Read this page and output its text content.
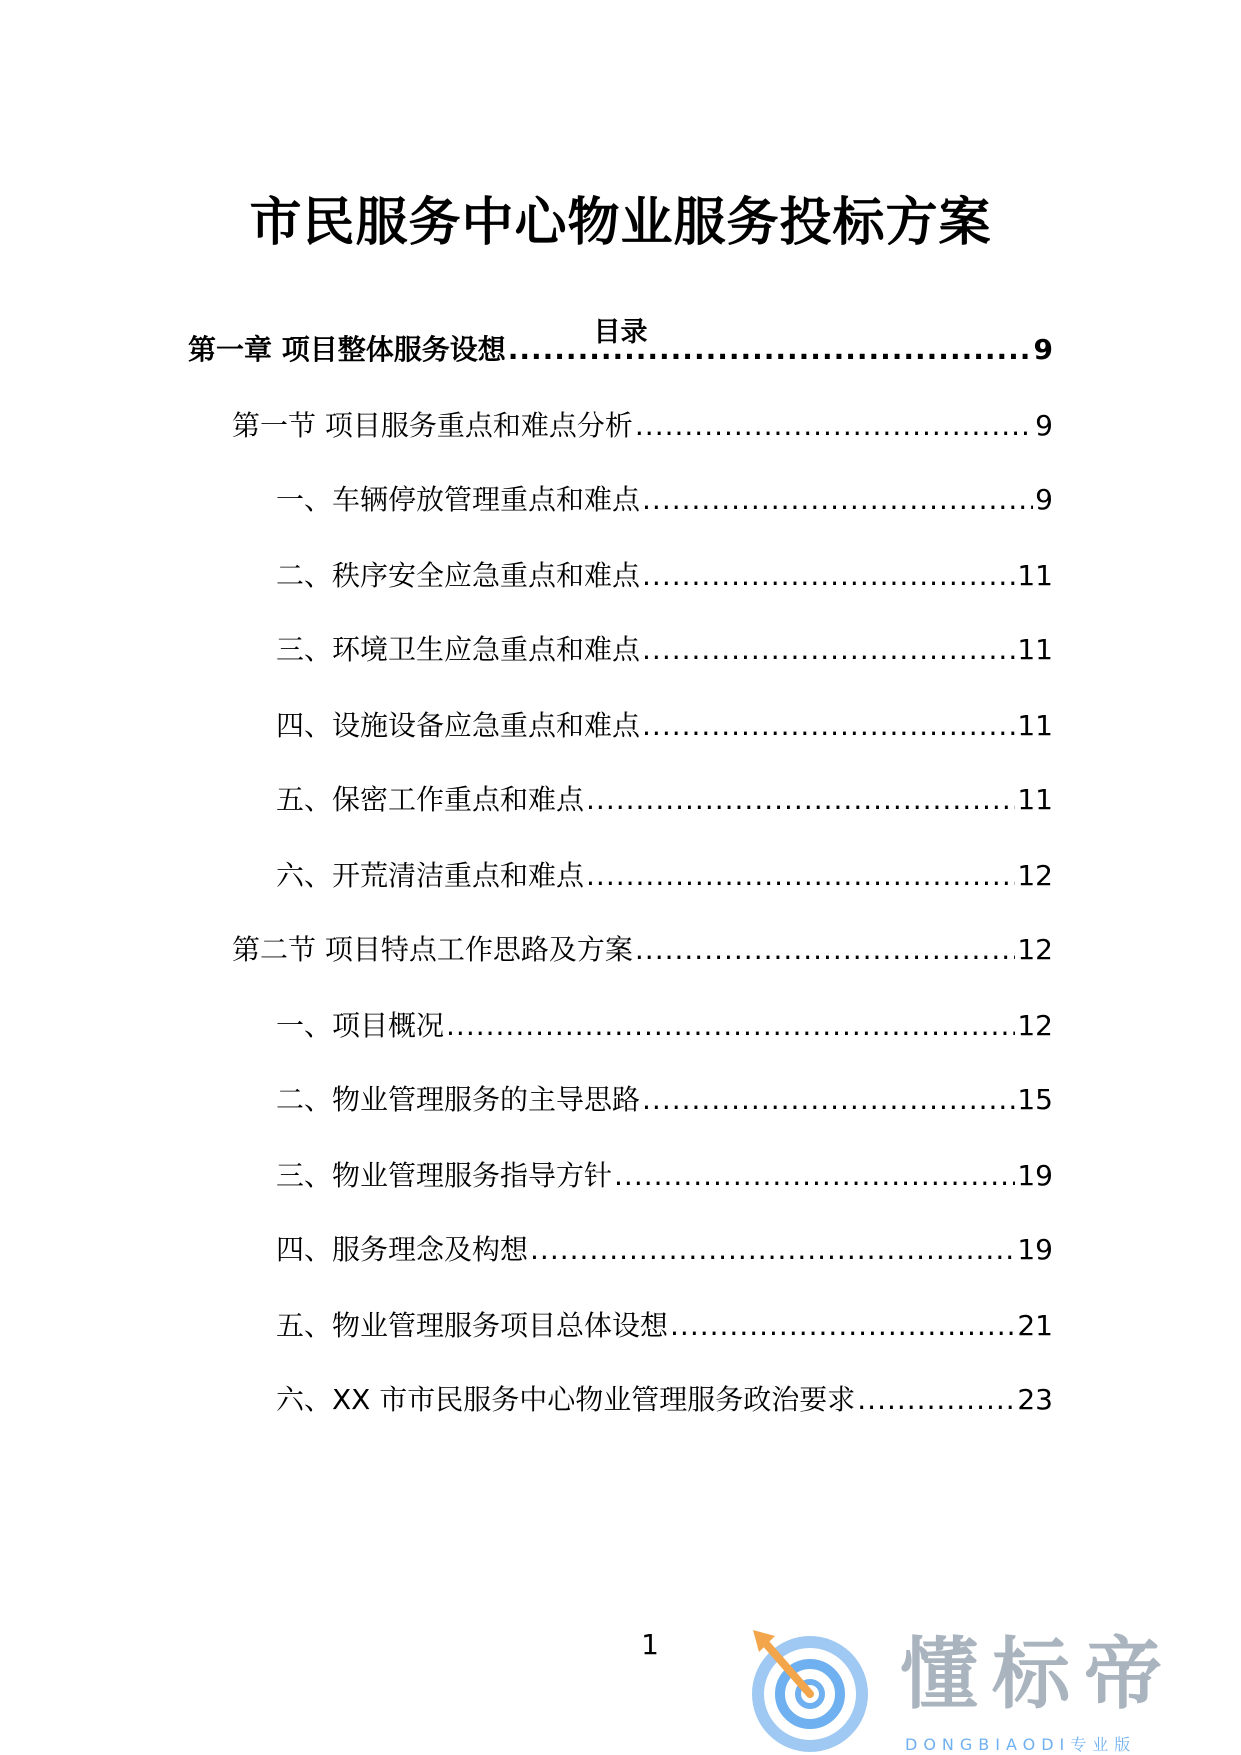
市民服务中心物业服务投标方案
目录
第一章 项目整体服务设想 .....	9
第一节 项目服务重点和难点分析 .....	9
一、车辆停放管理重点和难点 .....	9
二、秩序安全应急重点和难点 .....	11
三、环境卫生应急重点和难点 .....	11
四、设施设备应急重点和难点 .....	11
五、保密工作重点和难点 .....	11
六、开荒清洁重点和难点 .....	12
第二节 项目特点工作思路及方案 .....	12
一、项目概况 .....	12
二、物业管理服务的主导思路 .....	15
三、物业管理服务指导方针 .....	19
四、服务理念及构想 .....	19
五、物业管理服务项目总体设想 .....	21
六、XX 市市民服务中心物业管理服务政治要求 .....	23
1	懂标帝
DONGBIAODI专业版
